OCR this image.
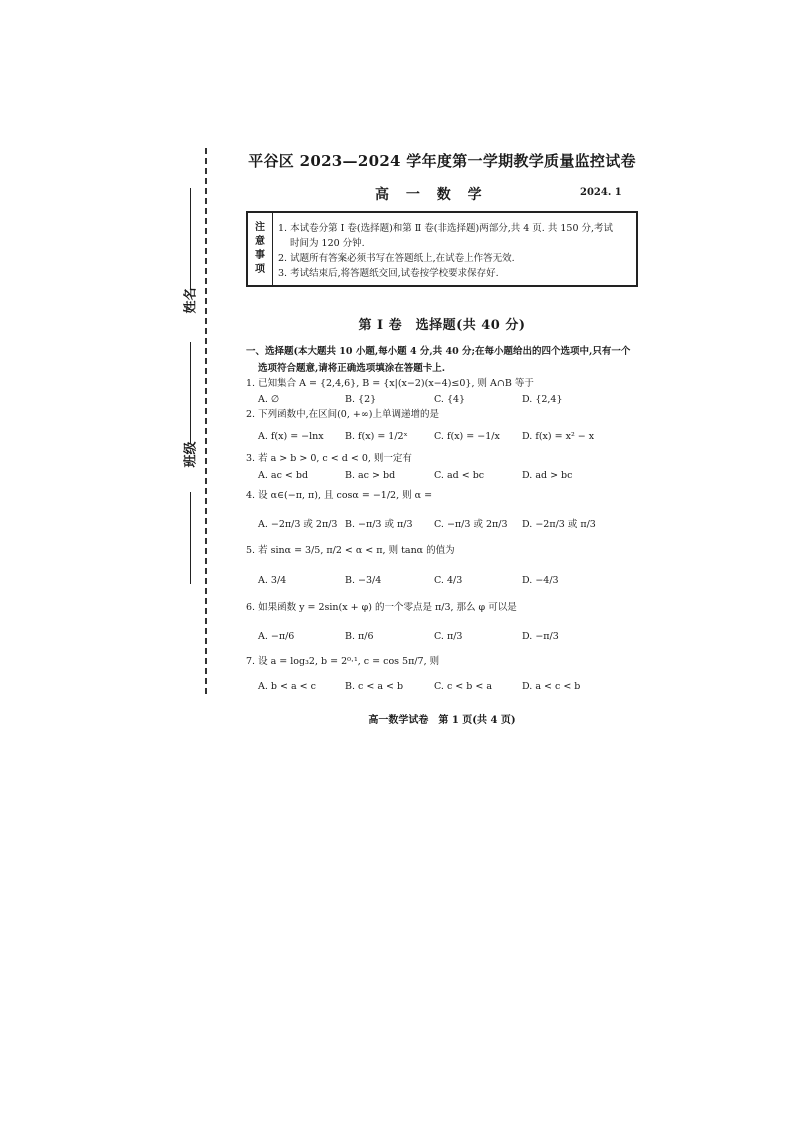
姓名
班级
平谷区 2023—2024 学年度第一学期教学质量监控试卷
高 一 数 学	2024. 1
注
意
事
项
1. 本试卷分第 Ⅰ 卷(选择题)和第 Ⅱ 卷(非选择题)两部分,共 4 页. 共 150 分,考试
时间为 120 分钟.
2. 试题所有答案必须书写在答题纸上,在试卷上作答无效.
3. 考试结束后,将答题纸交回,试卷按学校要求保存好.
第 Ⅰ 卷　选择题(共 40 分)
一、选择题(本大题共 10 小题,每小题 4 分,共 40 分;在每小题给出的四个选项中,只有一个
选项符合题意,请将正确选项填涂在答题卡上.
1. 已知集合 A = {2,4,6}, B = {x|(x−2)(x−4)≤0}, 则 A∩B 等于
A. ∅	B. {2}	C. {4}	D. {2,4}
2. 下列函数中,在区间(0, +∞)上单调递增的是
A. f(x) = −lnx B. f(x) = 1/2ˣ	C. f(x) = −1/x D. f(x) = x² − x
3. 若 a > b > 0, c < d < 0, 则一定有
A. ac < bd	B. ac > bd	C. ad < bc	D. ad > bc
4. 设 α∈(−π, π), 且 cosα = −1/2, 则 α =
A. −2π/3 或 2π/3 B. −π/3 或 π/3 C. −π/3 或 2π/3 D. −2π/3 或 π/3
5. 若 sinα = 3/5, π/2 < α < π, 则 tanα 的值为
A. 3/4	B. −3/4	C. 4/3	D. −4/3
6. 如果函数 y = 2sin(x + φ) 的一个零点是 π/3, 那么 φ 可以是
A. −π/6	B. π/6	C. π/3	D. −π/3
7. 设 a = log₃2, b = 2⁰·¹, c = cos 5π/7, 则
A. b < a < c	B. c < a < b	C. c < b < a	D. a < c < b
高一数学试卷　第 1 页(共 4 页)
